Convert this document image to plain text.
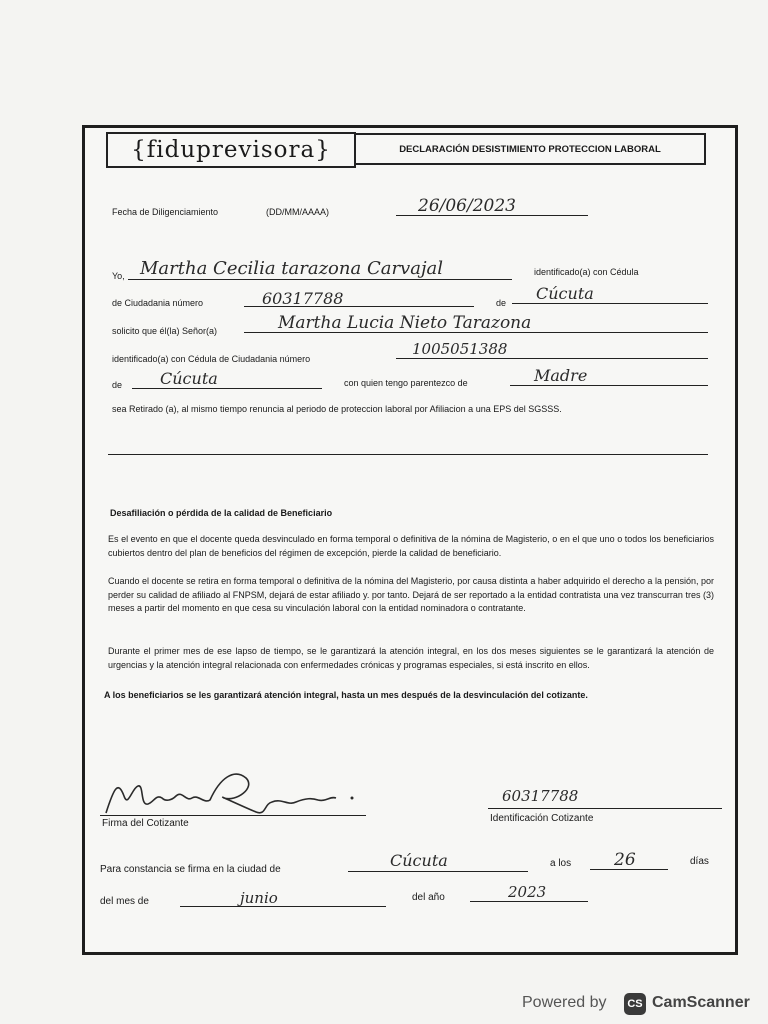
{fiduprevisora}	DECLARACIÓN DESISTIMIENTO PROTECCION LABORAL
Fecha de Diligenciamiento	(DD/MM/AAAA)	26/06/2023
Yo, Martha Cecilia tarazona Carvajal	identificado(a) con Cédula
de Ciudadania número	60317788	de Cúcuta
solicito que él(la) Señor(a)	Martha Lucia Nieto Tarazona
identificado(a) con Cédula de Ciudadania número
1005051388
de Cúcuta	con quien tengo parentezco de	Madre
sea Retirado (a), al mismo tiempo renuncia al periodo de proteccion laboral por Afiliacion a una EPS del SGSSS.
Desafiliación o pérdida de la calidad de Beneficiario

Es el evento en que el docente queda desvinculado en forma temporal o definitiva de la nómina de Magisterio, o en el que uno o todos los beneficiarios cubiertos dentro del plan de beneficios del régimen de excepción, pierde la calidad de beneficiario.

Cuando el docente se retira en forma temporal o definitiva de la nómina del Magisterio, por causa distinta a haber adquirido el derecho a la pensión, por perder su calidad de afiliado al FNPSM, dejará de estar afiliado y. por tanto. Dejará de ser reportado a la entidad contratista una vez transcurran tres (3) meses a partir del momento en que cesa su vinculación laboral con la entidad nominadora o contratante.

Durante el primer mes de ese lapso de tiempo, se le garantizará la atención integral, en los dos meses siguientes se le garantizará la atención de urgencias y la atención integral relacionada con enfermedades crónicas y programas especiales, si está inscrito en ellos.

A los beneficiarios se les garantizará atención integral, hasta un mes después de la desvinculación del cotizante.

Firma del Cotizante
60317788
Identificación Cotizante
Para constancia se firma en la ciudad de	Cúcuta	a los	26	días
del mes de	junio	del año	2023
Powered by	CS CamScanner
